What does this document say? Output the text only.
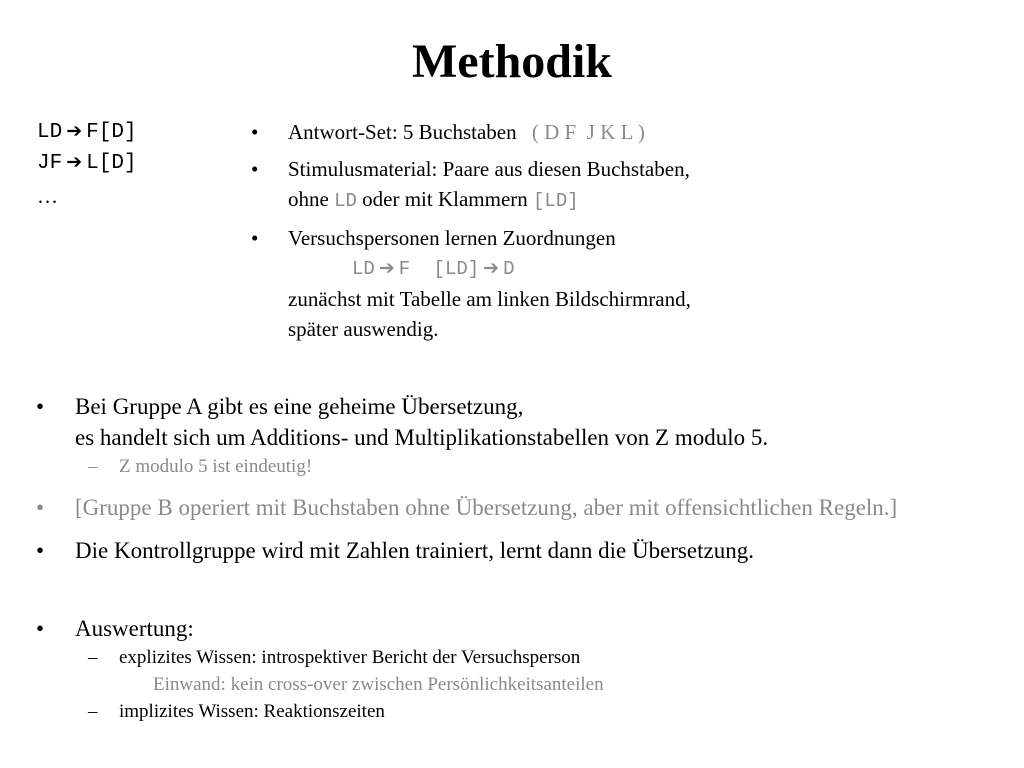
Methodik
LD ➔ F[D]
JF ➔ L[D]
…
• Antwort-Set: 5 Buchstaben ( D F  J K L )
• Stimulusmaterial: Paare aus diesen Buchstaben,
ohne LD oder mit Klammern [LD]
• Versuchspersonen lernen Zuordnungen
LD ➔ F [LD] ➔ D
zunächst mit Tabelle am linken Bildschirmrand,
später auswendig.
• Bei Gruppe A gibt es eine geheime Übersetzung,
es handelt sich um Additions- und Multiplikationstabellen von Z modulo 5.
– Z modulo 5 ist eindeutig!
• [Gruppe B operiert mit Buchstaben ohne Übersetzung, aber mit offensichtlichen Regeln.]
• Die Kontrollgruppe wird mit Zahlen trainiert, lernt dann die Übersetzung.
• Auswertung:
– explizites Wissen: introspektiver Bericht der Versuchsperson
Einwand: kein cross-over zwischen Persönlichkeitsanteilen
– implizites Wissen: Reaktionszeiten
